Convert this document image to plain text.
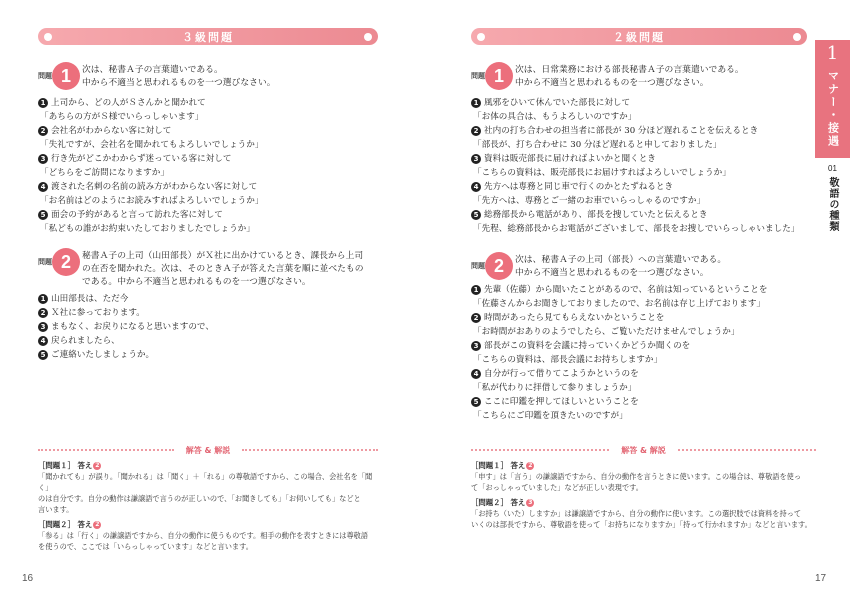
３級問題
問題 1	次は、秘書Ａ子の言葉遣いである。
中から不適当と思われるものを一つ選びなさい。
1 上司から、どの人がＳさんかと聞かれて
「あちらの方がＳ様でいらっしゃいます」
2 会社名がわからない客に対して
「失礼ですが、会社名を聞かれてもよろしいでしょうか」
3 行き先がどこかわからず迷っている客に対して
「どちらをご訪問になりますか」
4 渡された名刺の名前の読み方がわからない客に対して
「お名前はどのようにお読みすればよろしいでしょうか」
5 面会の予約があると言って訪れた客に対して
「私どもの誰がお約束いたしておりましたでしょうか」
問題 2	秘書Ａ子の上司（山田部長）がＸ社に出かけているとき、課長から上司
の在否を聞かれた。次は、そのときＡ子が答えた言葉を順に並べたもの
である。中から不適当と思われるものを一つ選びなさい。
1 山田部長は、ただ今
2 Ｘ社に参っております。
3 まもなく、お戻りになると思いますので、
4 戻られましたら、
5 ご連絡いたしましょうか。
解答 & 解説
［問題１］ 答え 2
「聞かれても」が誤り。「聞かれる」は「聞く」＋「れる」の尊敬語ですから、この場合、会社名を「聞く」
のは自分です。自分の動作は謙譲語で言うのが正しいので、「お聞きしても」「お伺いしても」などと
言います。
［問題２］ 答え 2
「参る」は「行く」の謙譲語ですから、自分の動作に使うものです。相手の動作を表すときには尊敬語
を使うので、ここでは「いらっしゃっています」などと言います。
16
２級問題
問題 1	次は、日常業務における部長秘書Ａ子の言葉遣いである。
中から不適当と思われるものを一つ選びなさい。
1 風邪をひいて休んでいた部長に対して
「お体の具合は、もうよろしいのですか」
2 社内の打ち合わせの担当者に部長が 30 分ほど遅れることを伝えるとき
「部長が、打ち合わせに 30 分ほど遅れると申しておりました」
3 資料は販売部長に届ければよいかと聞くとき
「こちらの資料は、販売部長にお届けすればよろしいでしょうか」
4 先方へは専務と同じ車で行くのかとたずねるとき
「先方へは、専務とご一緒のお車でいらっしゃるのですか」
5 総務部長から電話があり、部長を捜していたと伝えるとき
「先程、総務部長からお電話がございまして、部長をお捜しでいらっしゃいました」
問題 2	次は、秘書Ａ子の上司（部長）への言葉遣いである。
中から不適当と思われるものを一つ選びなさい。
1 先輩（佐藤）から聞いたことがあるので、名前は知っているということを
「佐藤さんからお聞きしておりましたので、お名前は存じ上げております」
2 時間があったら見てもらえないかということを
「お時間がおありのようでしたら、ご覧いただけませんでしょうか」
3 部長がこの資料を会議に持っていくかどうか聞くのを
「こちらの資料は、部長会議にお持ちしますか」
4 自分が行って借りてこようかというのを
「私が代わりに拝借して参りましょうか」
5 ここに印鑑を押してほしいということを
「こちらにご印鑑を頂きたいのですが」
解答 & 解説
［問題１］ 答え 2
「申す」は「言う」の謙譲語ですから、自分の動作を言うときに使います。この場合は、尊敬語を使っ
て「おっしゃっていました」などが正しい表現です。
［問題２］ 答え 3
「お持ち（いた）しますか」は謙譲語ですから、自分の動作に使います。この選択肢では資料を持って
いくのは部長ですから、尊敬語を使って「お持ちになりますか」「持って行かれますか」などと言います。
17
1
マナー・接遇
01
敬語の種類
